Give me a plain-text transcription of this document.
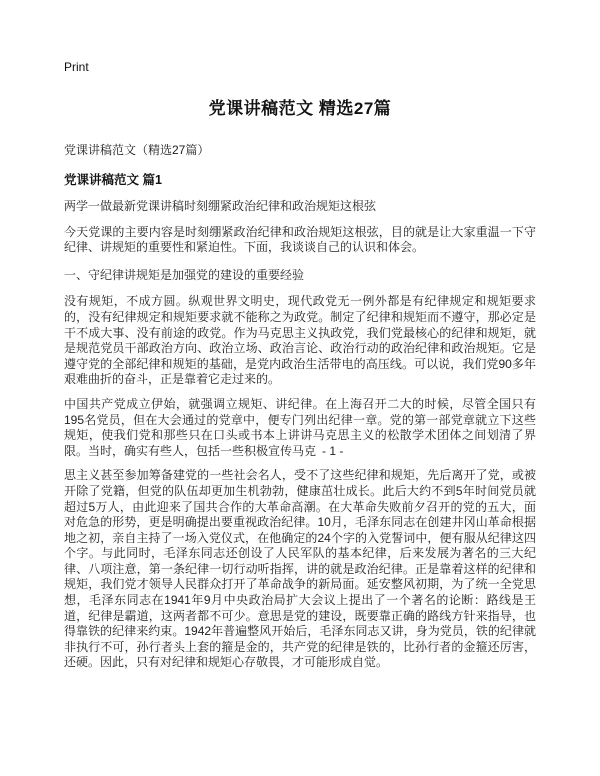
Print
党课讲稿范文 精选27篇

党课讲稿范文（精选27篇）

党课讲稿范文 篇1

两学一做最新党课讲稿时刻绷紧政治纪律和政治规矩这根弦

今天党课的主要内容是时刻绷紧政治纪律和政治规矩这根弦，目的就是让大家重温一下守纪律、讲规矩的重要性和紧迫性。下面，我谈谈自己的认识和体会。

一、守纪律讲规矩是加强党的建设的重要经验

没有规矩，不成方圆。纵观世界文明史，现代政党无一例外都是有纪律规定和规矩要求的，没有纪律规定和规矩要求就不能称之为政党。制定了纪律和规矩而不遵守，那必定是干不成大事、没有前途的政党。作为马克思主义执政党，我们党最核心的纪律和规矩，就是规范党员干部政治方向、政治立场、政治言论、政治行动的政治纪律和政治规矩。它是遵守党的全部纪律和规矩的基础，是党内政治生活带电的高压线。可以说，我们党90多年艰难曲折的奋斗，正是靠着它走过来的。

中国共产党成立伊始，就强调立规矩、讲纪律。在上海召开二大的时候，尽管全国只有195名党员，但在大会通过的党章中，便专门列出纪律一章。党的第一部党章就立下这些规矩，使我们党和那些只在口头或书本上讲讲马克思主义的松散学术团体之间划清了界限。当时，确实有些人，包括一些积极宣传马克 - 1 -

思主义甚至参加筹备建党的一些社会名人，受不了这些纪律和规矩，先后离开了党，或被开除了党籍，但党的队伍却更加生机勃勃，健康茁壮成长。此后大约不到5年时间党员就超过5万人，由此迎来了国共合作的大革命高潮。在大革命失败前夕召开的党的五大，面对危急的形势，更是明确提出要重视政治纪律。10月，毛泽东同志在创建井冈山革命根据地之初，亲自主持了一场入党仪式，在他确定的24个字的入党誓词中，便有服从纪律这四个字。与此同时，毛泽东同志还创设了人民军队的基本纪律，后来发展为著名的三大纪律、八项注意，第一条纪律一切行动听指挥，讲的就是政治纪律。正是靠着这样的纪律和规矩，我们党才领导人民群众打开了革命战争的新局面。延安整风初期，为了统一全党思想，毛泽东同志在1941年9月中央政治局扩大会议上提出了一个著名的论断：路线是王道，纪律是霸道，这两者都不可少。意思是党的建设，既要靠正确的路线方针来指导，也得靠铁的纪律来约束。1942年普遍整风开始后，毛泽东同志又讲，身为党员，铁的纪律就非执行不可，孙行者头上套的箍是金的，共产党的纪律是铁的，比孙行者的金箍还厉害，还硬。因此，只有对纪律和规矩心存敬畏，才可能形成自觉。
